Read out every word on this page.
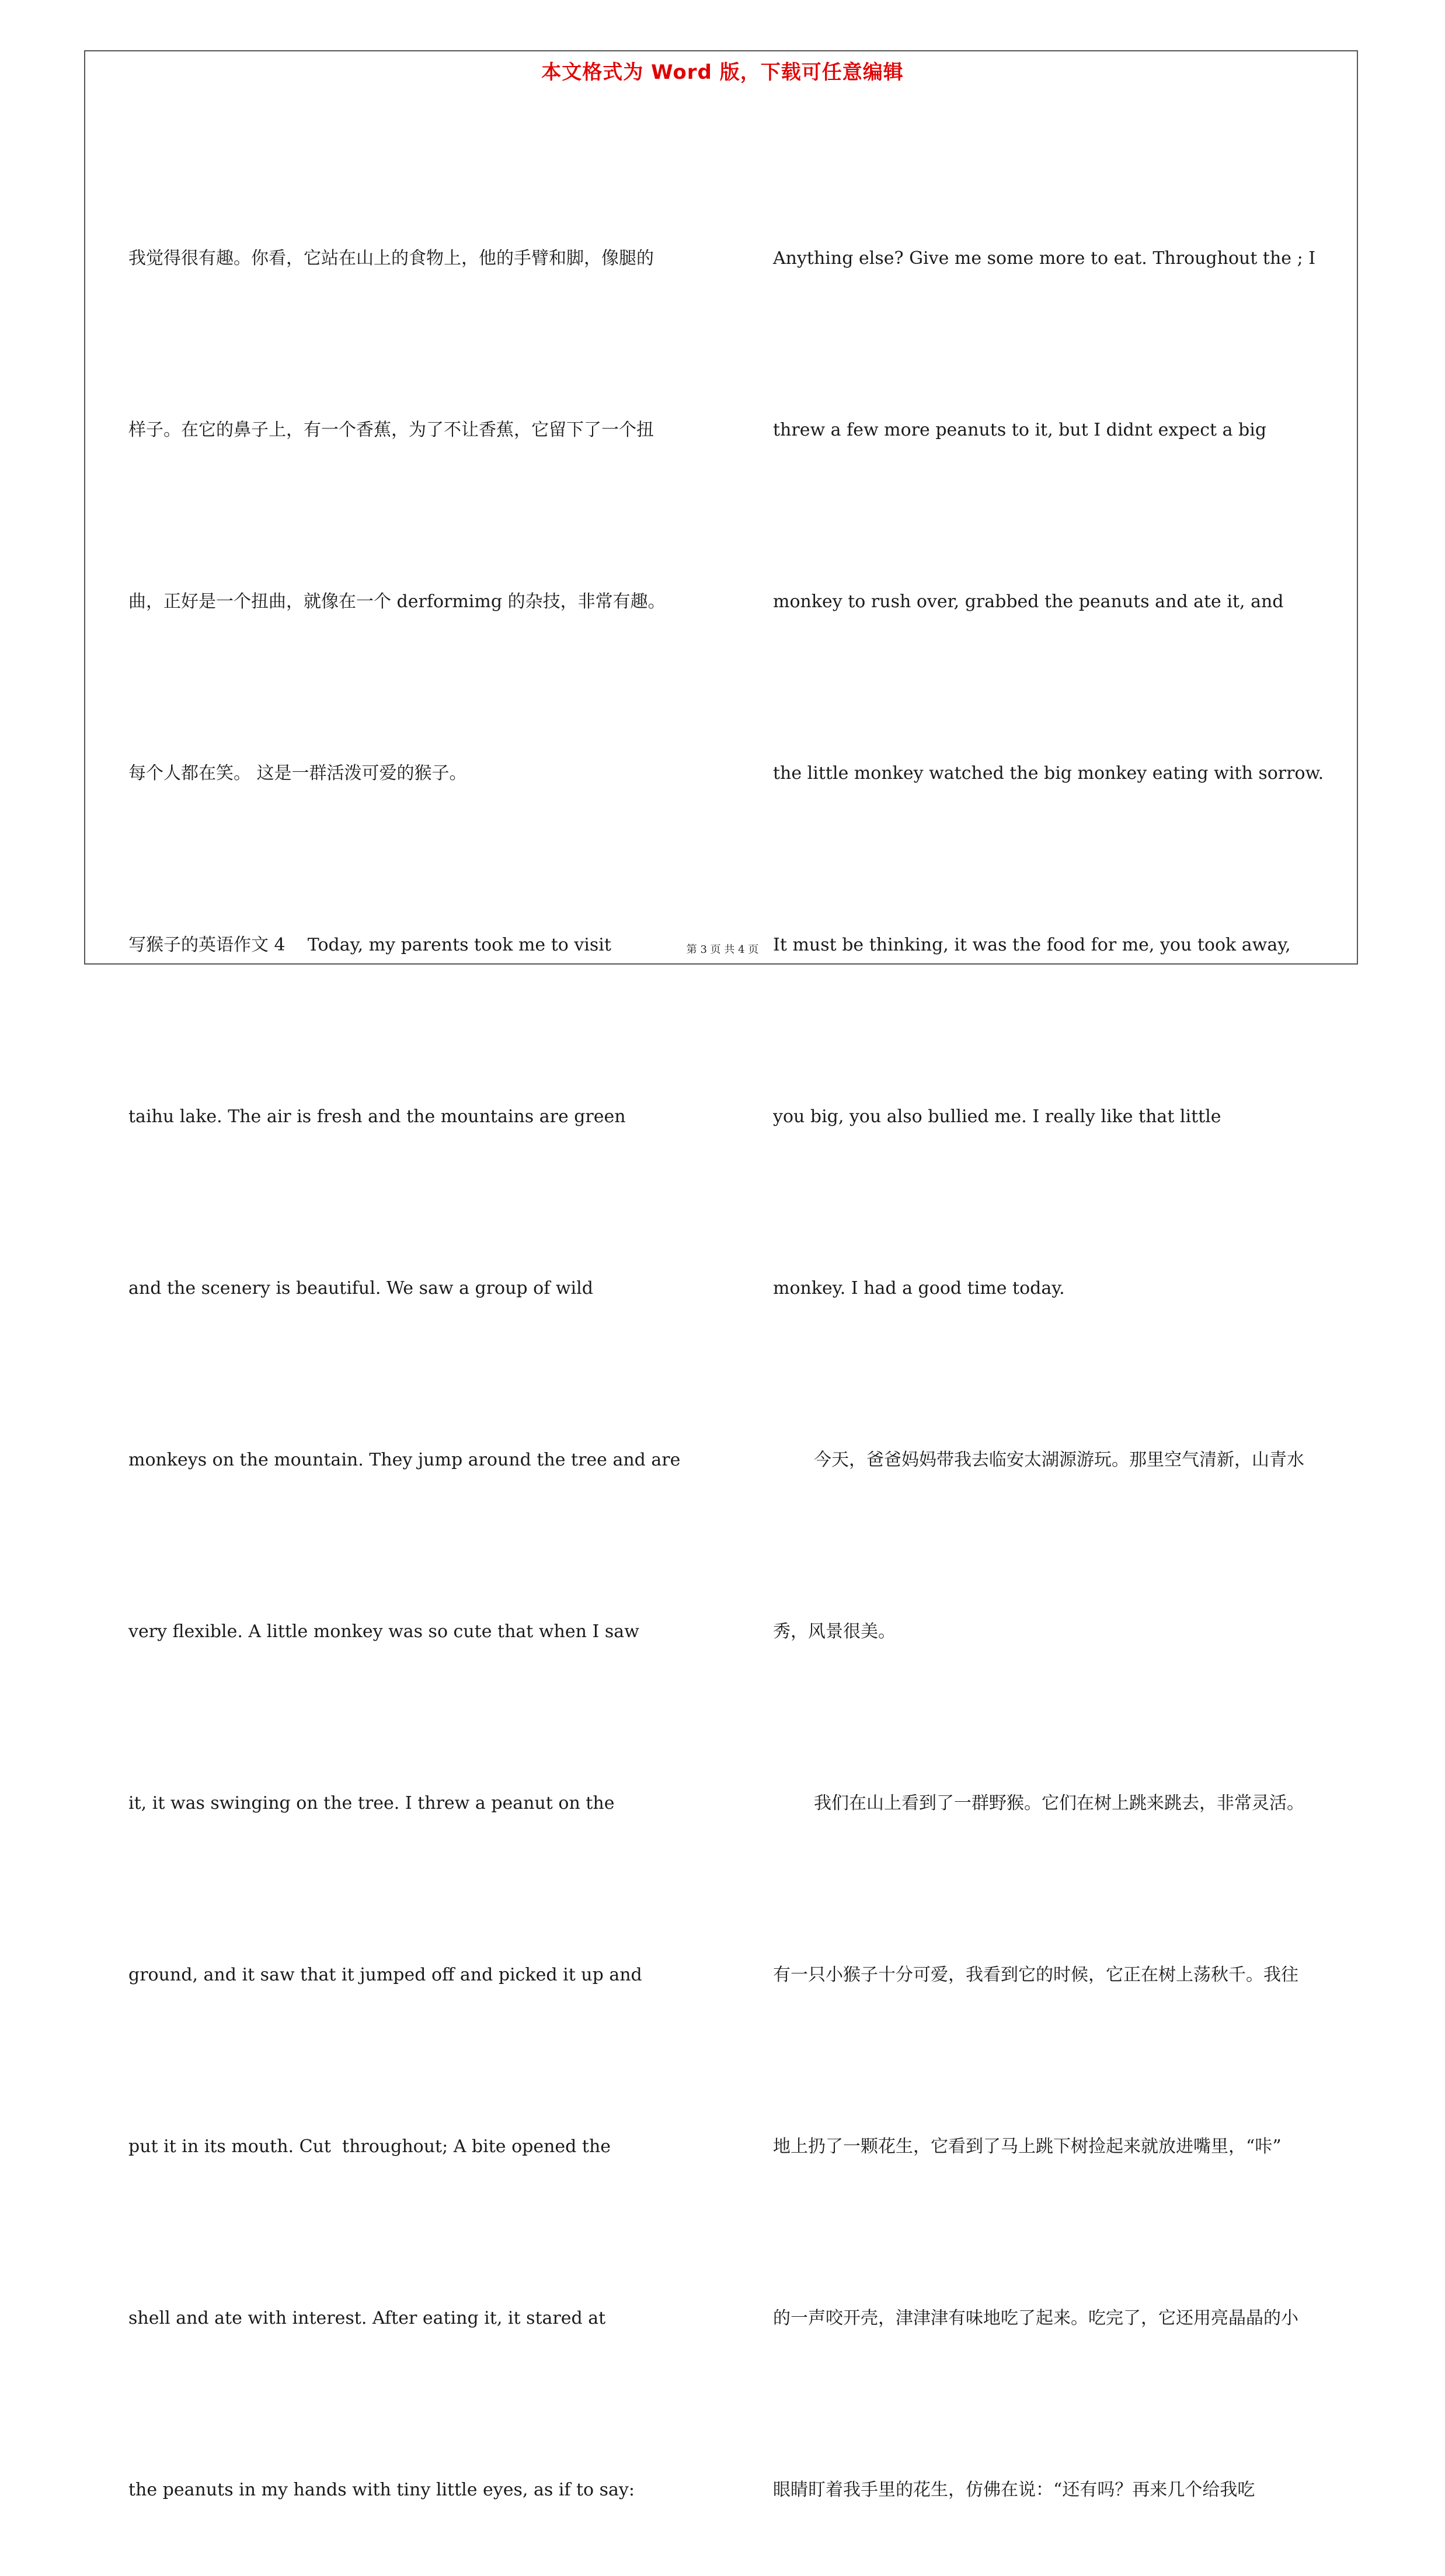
本文格式为 Word 版，下载可任意编辑

我觉得很有趣。你看，它站在山上的食物上，他的手臂和脚，像腿的

样子。在它的鼻子上，有一个香蕉，为了不让香蕉，它留下了一个扭

曲，正好是一个扭曲，就像在一个 derformimg 的杂技，非常有趣。

每个人都在笑。 这是一群活泼可爱的猴子。

写猴子的英语作文 4    Today, my parents took me to visit

taihu lake. The air is fresh and the mountains are green

and the scenery is beautiful. We saw a group of wild

monkeys on the mountain. They jump around the tree and are

very flexible. A little monkey was so cute that when I saw

it, it was swinging on the tree. I threw a peanut on the

ground, and it saw that it jumped off and picked it up and

put it in its mouth. Cut  throughout; A bite opened the

shell and ate with interest. After eating it, it stared at

the peanuts in my hands with tiny little eyes, as if to say:

Anything else? Give me some more to eat. Throughout the ; I

threw a few more peanuts to it, but I didnt expect a big

monkey to rush over, grabbed the peanuts and ate it, and

the little monkey watched the big monkey eating with sorrow.

It must be thinking, it was the food for me, you took away,

you big, you also bullied me. I really like that little

monkey. I had a good time today.

今天，爸爸妈妈带我去临安太湖源游玩。那里空气清新，山青水

秀，风景很美。

我们在山上看到了一群野猴。它们在树上跳来跳去，非常灵活。

有一只小猴子十分可爱，我看到它的时候，它正在树上荡秋千。我往

地上扔了一颗花生，它看到了马上跳下树捡起来就放进嘴里，“咔”

的一声咬开壳，津津津有味地吃了起来。吃完了，它还用亮晶晶的小

眼睛盯着我手里的花生，仿佛在说：“还有吗？再来几个给我吃

第 3 页 共 4 页
